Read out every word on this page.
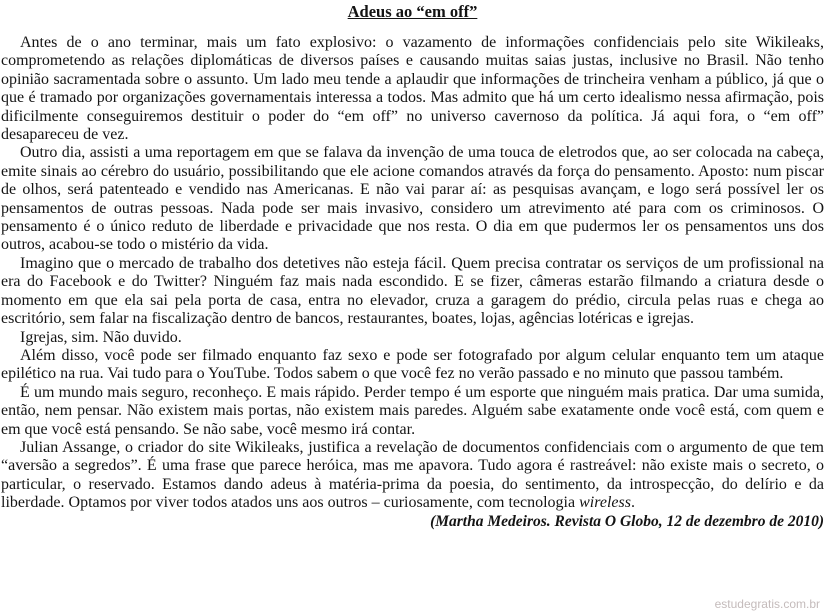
Adeus ao “em off”

Antes de o ano terminar, mais um fato explosivo: o vazamento de informações confidenciais pelo site Wikileaks, comprometendo as relações diplomáticas de diversos países e causando muitas saias justas, inclusive no Brasil. Não tenho opinião sacramentada sobre o assunto. Um lado meu tende a aplaudir que informações de trincheira venham a público, já que o que é tramado por organizações governamentais interessa a todos. Mas admito que há um certo idealismo nessa afirmação, pois dificilmente conseguiremos destituir o poder do “em off” no universo cavernoso da política. Já aqui fora, o “em off” desapareceu de vez.

Outro dia, assisti a uma reportagem em que se falava da invenção de uma touca de eletrodos que, ao ser colocada na cabeça, emite sinais ao cérebro do usuário, possibilitando que ele acione comandos através da força do pensamento. Aposto: num piscar de olhos, será patenteado e vendido nas Americanas. E não vai parar aí: as pesquisas avançam, e logo será possível ler os pensamentos de outras pessoas. Nada pode ser mais invasivo, considero um atrevimento até para com os criminosos. O pensamento é o único reduto de liberdade e privacidade que nos resta. O dia em que pudermos ler os pensamentos uns dos outros, acabou-se todo o mistério da vida.

Imagino que o mercado de trabalho dos detetives não esteja fácil. Quem precisa contratar os serviços de um profissional na era do Facebook e do Twitter? Ninguém faz mais nada escondido. E se fizer, câmeras estarão filmando a criatura desde o momento em que ela sai pela porta de casa, entra no elevador, cruza a garagem do prédio, circula pelas ruas e chega ao escritório, sem falar na fiscalização dentro de bancos, restaurantes, boates, lojas, agências lotéricas e igrejas.

Igrejas, sim. Não duvido.

Além disso, você pode ser filmado enquanto faz sexo e pode ser fotografado por algum celular enquanto tem um ataque epilético na rua. Vai tudo para o YouTube. Todos sabem o que você fez no verão passado e no minuto que passou também.

É um mundo mais seguro, reconheço. E mais rápido. Perder tempo é um esporte que ninguém mais pratica. Dar uma sumida, então, nem pensar. Não existem mais portas, não existem mais paredes. Alguém sabe exatamente onde você está, com quem e em que você está pensando. Se não sabe, você mesmo irá contar.

Julian Assange, o criador do site Wikileaks, justifica a revelação de documentos confidenciais com o argumento de que tem “aversão a segredos”. É uma frase que parece heróica, mas me apavora. Tudo agora é rastreável: não existe mais o secreto, o particular, o reservado. Estamos dando adeus à matéria-prima da poesia, do sentimento, da introspecção, do delírio e da liberdade. Optamos por viver todos atados uns aos outros – curiosamente, com tecnologia wireless.

(Martha Medeiros. Revista O Globo, 12 de dezembro de 2010)

estudegratis.com.br
